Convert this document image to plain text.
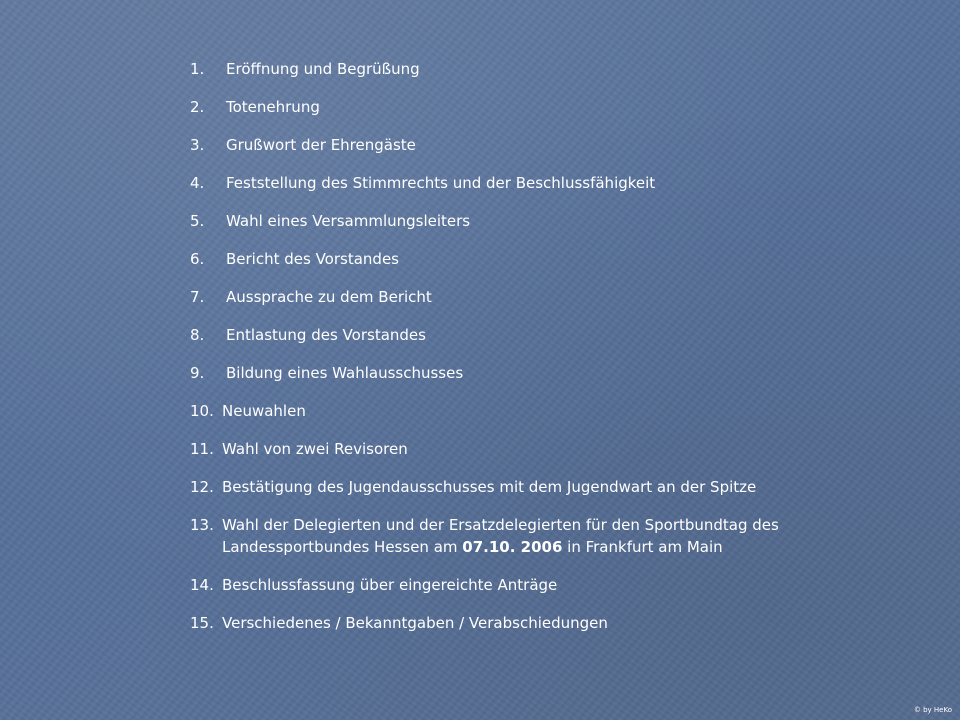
1.	Eröffnung und Begrüßung
2.	Totenehrung
3.	Grußwort der Ehrengäste
4.	Feststellung des Stimmrechts und der Beschlussfähigkeit
5.	Wahl eines Versammlungsleiters
6.	Bericht des Vorstandes
7.	Aussprache zu dem Bericht
8.	Entlastung des Vorstandes
9.	Bildung eines Wahlausschusses
10. Neuwahlen
11. Wahl von zwei Revisoren
12. Bestätigung des Jugendausschusses mit dem Jugendwart an der Spitze
13. Wahl der Delegierten und der Ersatzdelegierten für den Sportbundtag des
Landessportbundes Hessen am 07.10. 2006 in Frankfurt am Main
14. Beschlussfassung über eingereichte Anträge
15. Verschiedenes / Bekanntgaben / Verabschiedungen
© by HeKo
